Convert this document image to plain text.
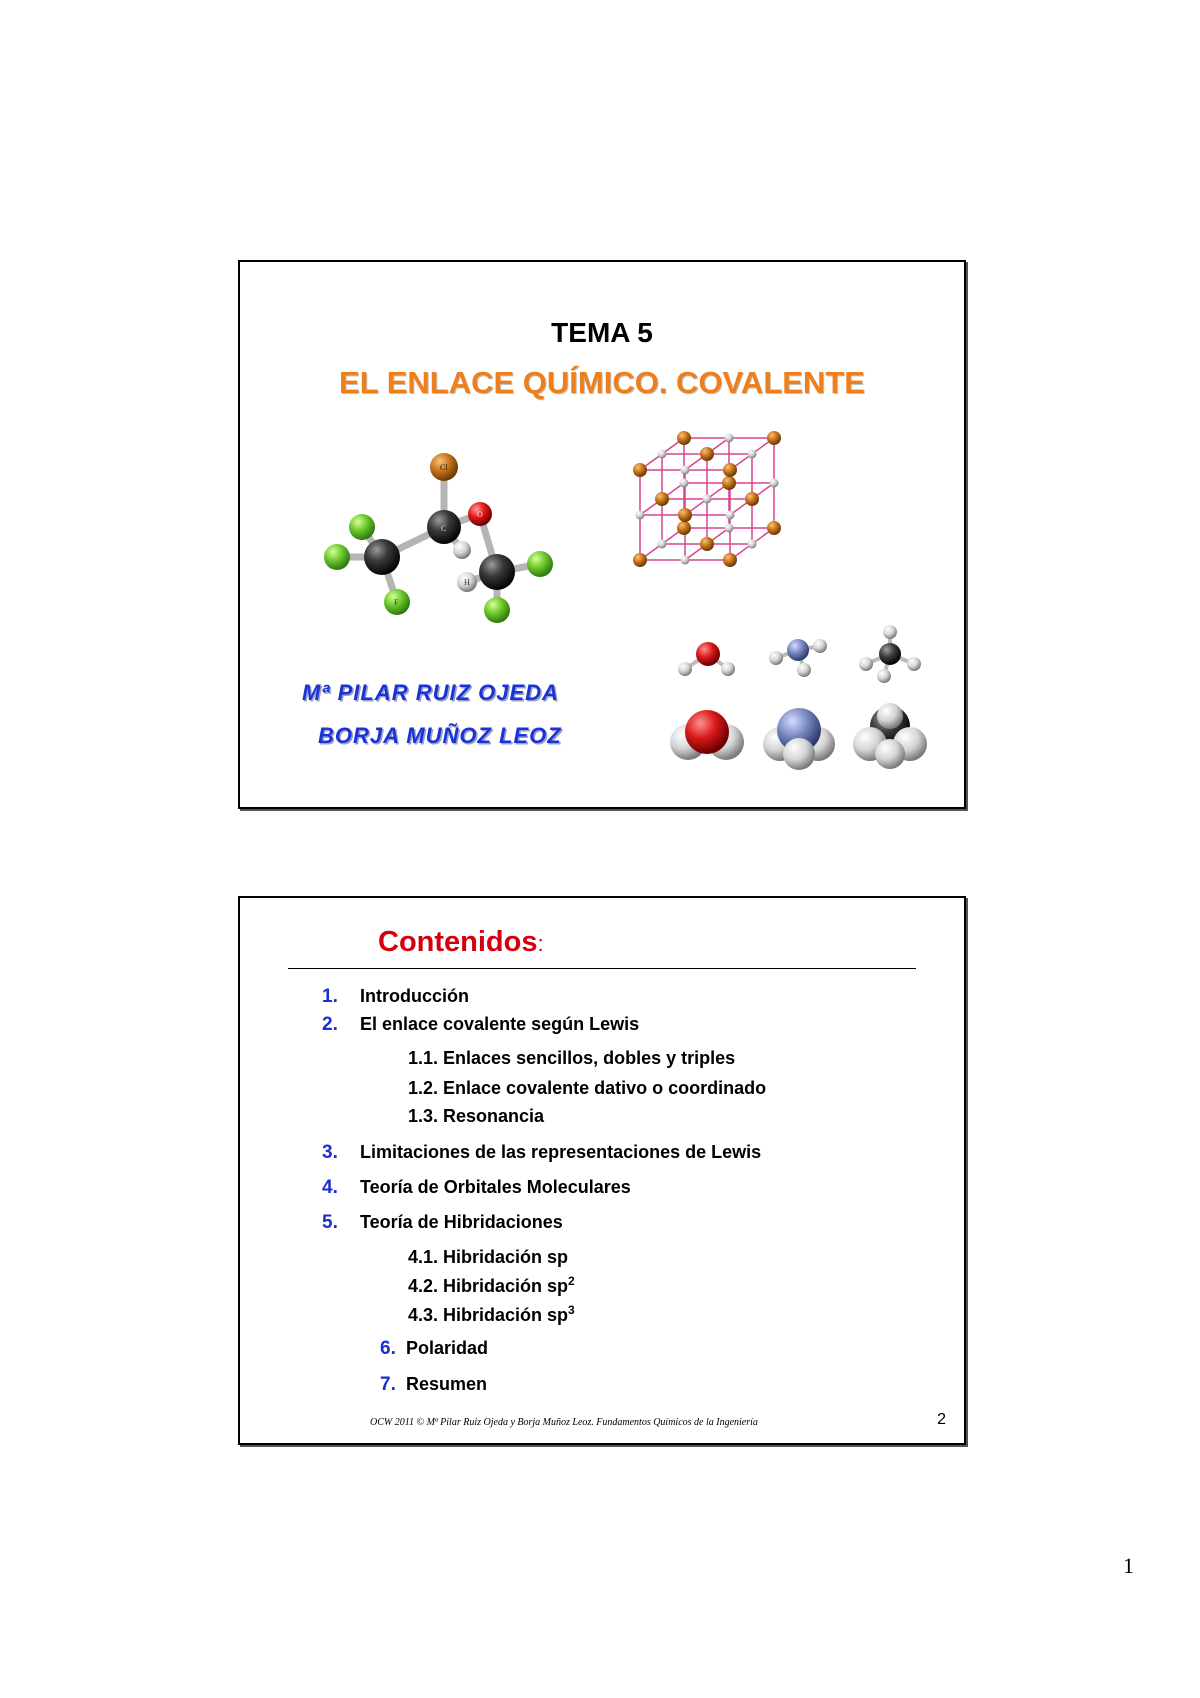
TEMA 5
EL ENLACE QUÍMICO. COVALENTE
Cl
C
O
H
F
Mª PILAR RUIZ OJEDA
BORJA MUÑOZ LEOZ
Contenidos:
1. Introducción
2. El enlace covalente según Lewis
1.1. Enlaces sencillos, dobles y triples
1.2. Enlace covalente dativo o coordinado
1.3. Resonancia
3. Limitaciones de las representaciones de Lewis
4. Teoría de Orbitales Moleculares
5. Teoría de Hibridaciones
4.1. Hibridación sp
4.2. Hibridación $sp^2$
4.3. Hibridación $sp^3$
6. Polaridad
7. Resumen
OCW 2011 © Mª Pilar Ruiz Ojeda y Borja Muñoz Leoz. Fundamentos Químicos de la Ingeniería	2
1
